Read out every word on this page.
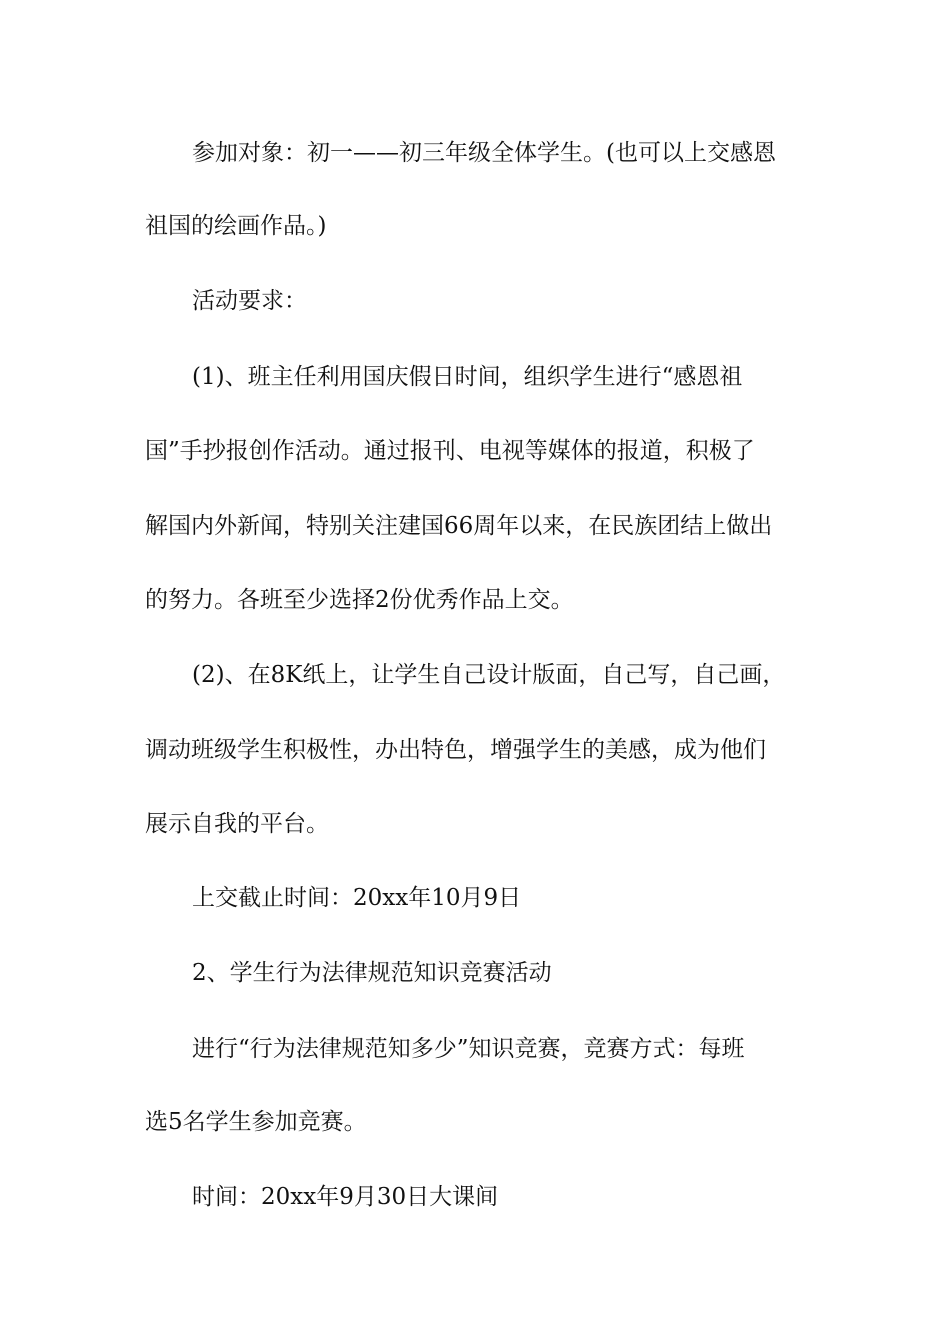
参加对象：初一——初三年级全体学生。(也可以上交感恩
祖国的绘画作品。)
活动要求：
(1)、班主任利用国庆假日时间，组织学生进行“感恩祖
国”手抄报创作活动。通过报刊、电视等媒体的报道，积极了
解国内外新闻，特别关注建国66周年以来，在民族团结上做出
的努力。各班至少选择2份优秀作品上交。
(2)、在8K纸上，让学生自己设计版面，自己写，自己画，
调动班级学生积极性，办出特色，增强学生的美感，成为他们
展示自我的平台。
上交截止时间：20xx年10月9日
2、学生行为法律规范知识竞赛活动
进行“行为法律规范知多少”知识竞赛，竞赛方式：每班
选5名学生参加竞赛。
时间：20xx年9月30日大课间
